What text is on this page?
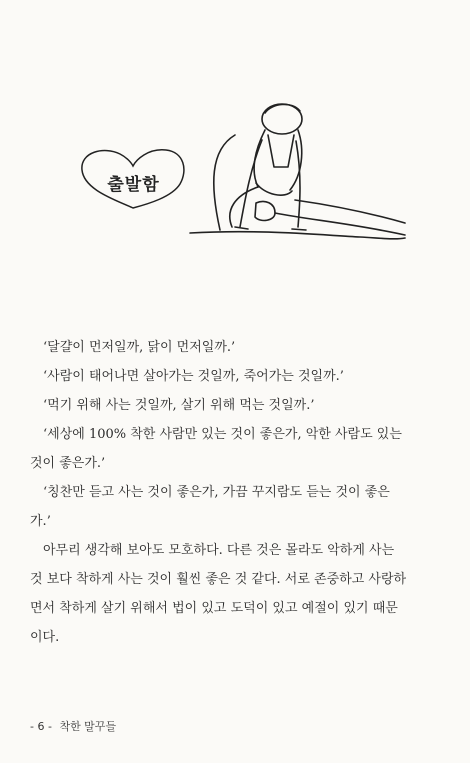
출발함

‘달걀이 먼저일까, 닭이 먼저일까.’

‘사람이 태어나면 살아가는 것일까, 죽어가는 것일까.’

‘먹기 위해 사는 것일까, 살기 위해 먹는 것일까.’

‘세상에 100% 착한 사람만 있는 것이 좋은가, 악한 사람도 있는 것이 좋은가.’

‘칭찬만 듣고 사는 것이 좋은가, 가끔 꾸지람도 듣는 것이 좋은가.’

아무리 생각해 보아도 모호하다. 다른 것은 몰라도 악하게 사는 것 보다 착하게 사는 것이 훨씬 좋은 것 같다. 서로 존중하고 사랑하면서 착하게 살기 위해서 법이 있고 도덕이 있고 예절이 있기 때문이다.

- 6 - 착한 말꾸들
